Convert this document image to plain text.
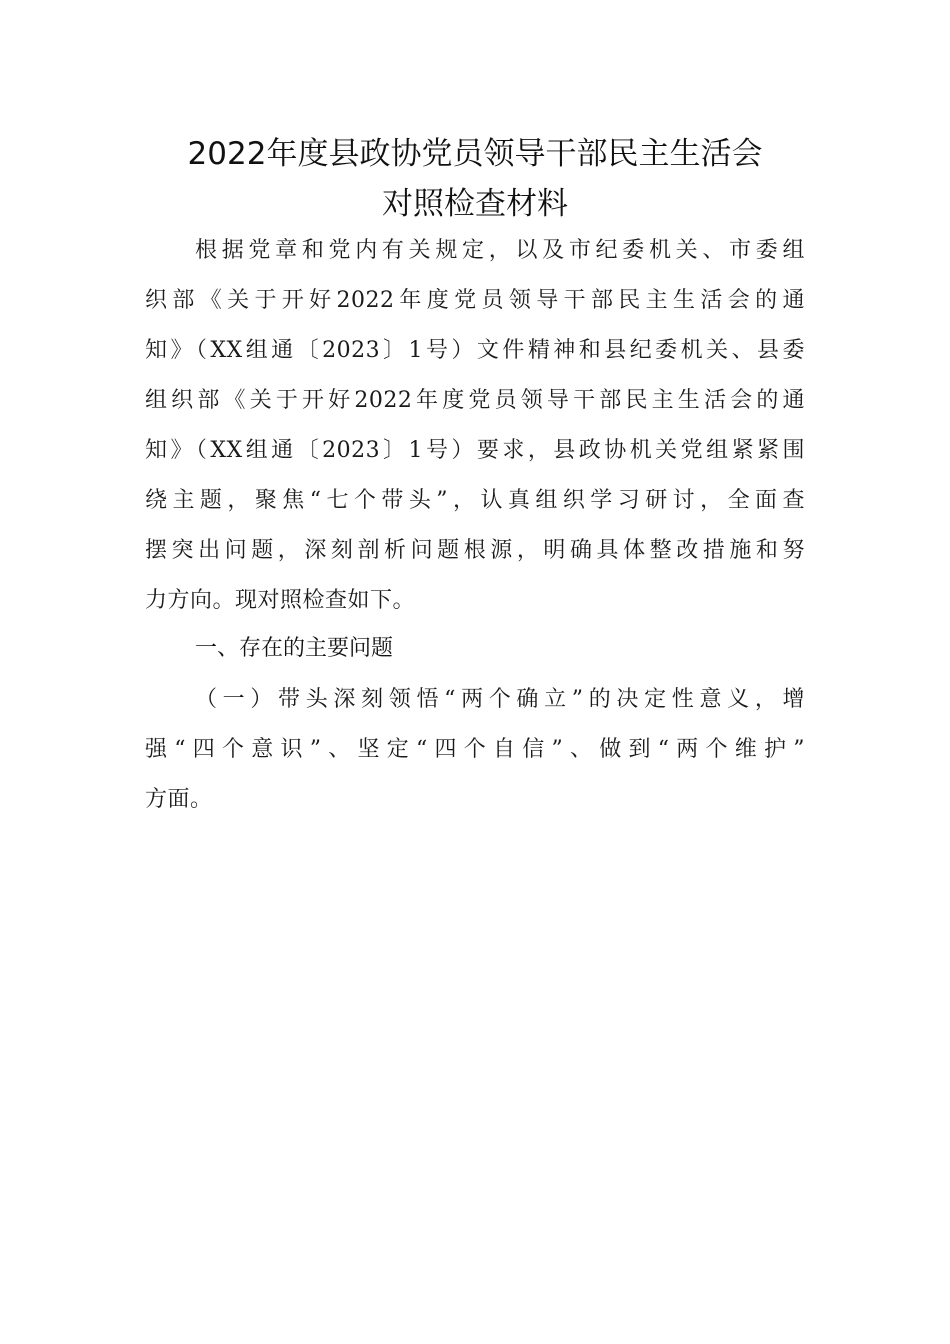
2022年度县政协党员领导干部民主生活会
对照检查材料
根据党章和党内有关规定，以及市纪委机关、市委组
织部《关于开好2022年度党员领导干部民主生活会的通
知》（XX组通〔2023〕1号）文件精神和县纪委机关、县委
组织部《关于开好2022年度党员领导干部民主生活会的通
知》（XX组通〔2023〕1号）要求，县政协机关党组紧紧围
绕主题，聚焦“七个带头”，认真组织学习研讨，全面查
摆突出问题，深刻剖析问题根源，明确具体整改措施和努
力方向。现对照检查如下。
一、存在的主要问题
（一）带头深刻领悟“两个确立”的决定性意义，增
强“四个意识”、坚定“四个自信”、做到“两个维护”
方面。
